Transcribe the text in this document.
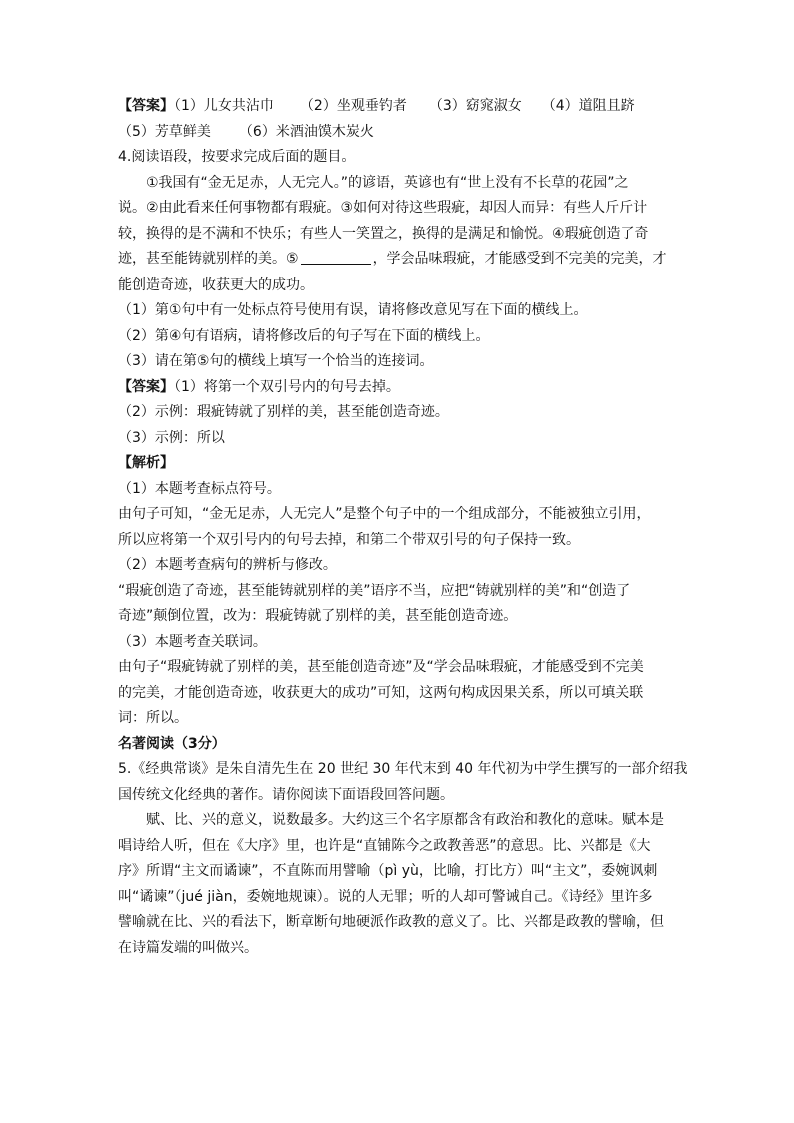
【答案】（1）儿女共沾巾 （2）坐观垂钓者 （3）窈窕淑女 （4）道阻且跻
（5）芳草鲜美 （6）米酒油馍木炭火
4.阅读语段，按要求完成后面的题目。
①我国有“金无足赤，人无完人。”的谚语，英谚也有“世上没有不长草的花园”之
说。②由此看来任何事物都有瑕疵。③如何对待这些瑕疵，却因人而异：有些人斤斤计
较，换得的是不满和不快乐；有些人一笑置之，换得的是满足和愉悦。④瑕疵创造了奇
迹，甚至能铸就别样的美。⑤	，学会品味瑕疵，才能感受到不完美的完美，才
能创造奇迹，收获更大的成功。
（1）第①句中有一处标点符号使用有误，请将修改意见写在下面的横线上。
（2）第④句有语病，请将修改后的句子写在下面的横线上。
（3）请在第⑤句的横线上填写一个恰当的连接词。
【答案】（1）将第一个双引号内的句号去掉。
（2）示例：瑕疵铸就了别样的美，甚至能创造奇迹。
（3）示例：所以
【解析】
（1）本题考查标点符号。
由句子可知，“金无足赤，人无完人”是整个句子中的一个组成部分，不能被独立引用，
所以应将第一个双引号内的句号去掉，和第二个带双引号的句子保持一致。
（2）本题考查病句的辨析与修改。
“瑕疵创造了奇迹，甚至能铸就别样的美”语序不当，应把“铸就别样的美”和“创造了
奇迹”颠倒位置，改为：瑕疵铸就了别样的美，甚至能创造奇迹。
（3）本题考查关联词。
由句子“瑕疵铸就了别样的美，甚至能创造奇迹”及“学会品味瑕疵，才能感受到不完美
的完美，才能创造奇迹，收获更大的成功”可知，这两句构成因果关系，所以可填关联
词：所以。
名著阅读（3分）
5.《经典常谈》是朱自清先生在 20 世纪 30 年代末到 40 年代初为中学生撰写的一部介绍我
国传统文化经典的著作。请你阅读下面语段回答问题。
赋、比、兴的意义，说数最多。大约这三个名字原都含有政治和教化的意味。赋本是
唱诗给人听，但在《大序》里，也许是“直铺陈今之政教善恶”的意思。比、兴都是《大
序》所谓“主文而谲谏”，不直陈而用譬喻（pì yù，比喻，打比方）叫“主文”，委婉讽刺
叫“谲谏”（jué jiàn，委婉地规谏）。说的人无罪；听的人却可警诫自己。《诗经》里许多
譬喻就在比、兴的看法下，断章断句地硬派作政教的意义了。比、兴都是政教的譬喻，但
在诗篇发端的叫做兴。
